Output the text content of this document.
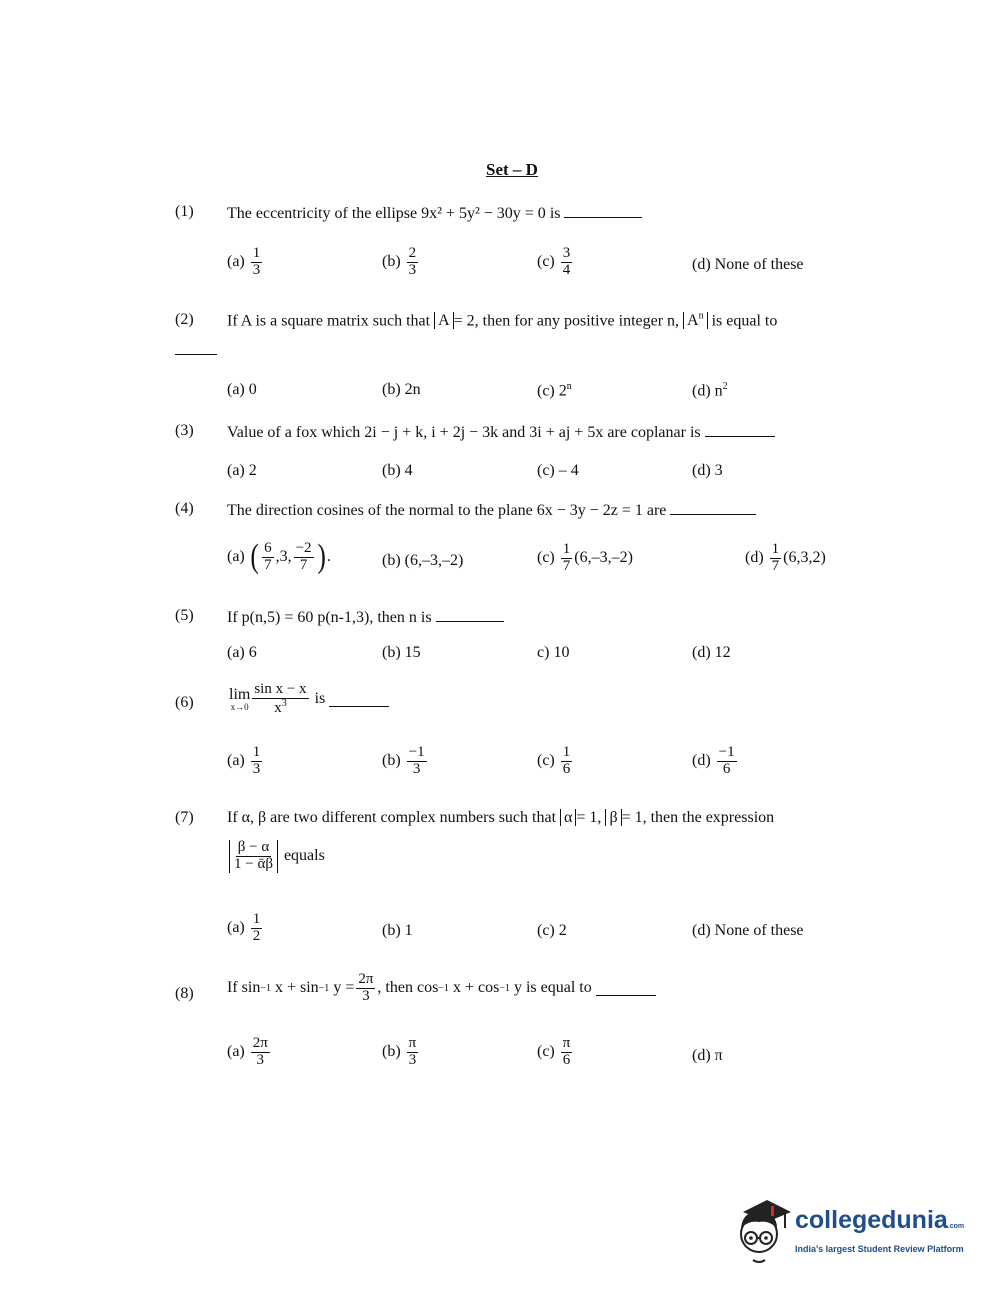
Set – D
(1) The eccentricity of the ellipse 9x² + 5y² − 30y = 0 is
(a)
$\frac{1}{3}$	(b)
$\frac{2}{3}$	(c)
$\frac{3}{4}$	(d) None of these
(2) If A is a square matrix such that A = 2, then for any positive integer n, $A^n$ is equal to
(a) 0	(b) 2n	(c) 2$^n$	(d) $n^2$
(3) Value of a fox which 2i − j + k, i + 2j − 3k and 3i + aj + 5x are coplanar is
(a) 2	(b) 4	(c) – 4	(d) 3
(4) The direction cosines of the normal to the plane 6x − 3y − 2z = 1 are
(a)
( $\frac{6}{7} ,3$, $\frac{-2}{7}$ ) .	(b) (6,–3,–2)	(c)
$\frac{1}{7} (6,-3,-2)$	(d)
$\frac{1}{7} (6,3,2)$
(5) If p(n,5) = 60 p(n-1,3), then n is
(a) 6	(b) 15	c) 10	(d) 12
(6) lim
$x\to 0 \frac{\text{sin x − x}}{x^3}$
is

(a)
$\frac{1}{3}$	(b)
$\frac{-1}{3}$	(c)
$\frac{1}{6}$	(d)
$\frac{-1}{6}$
(7) If α, β are two different complex numbers such that α = 1, β = 1, then the expression
$\frac{\beta - \alpha}{\text{1 − ᾱβ}}$
equals
(a)
$\frac{1}{2}$	(b) 1	(c) 2	(d) None of these
(8) If sin −1
x + sin −1
$y = \frac{2\pi}{3}$ , then cos −1
x + cos −1
y is equal to

(a)
$\frac{2\pi}{3}$	(b)
$\frac{\pi}{3}$	(c)
$\frac{\pi}{6}$	(d) π
collegedunia.com
India's largest Student Review Platform
